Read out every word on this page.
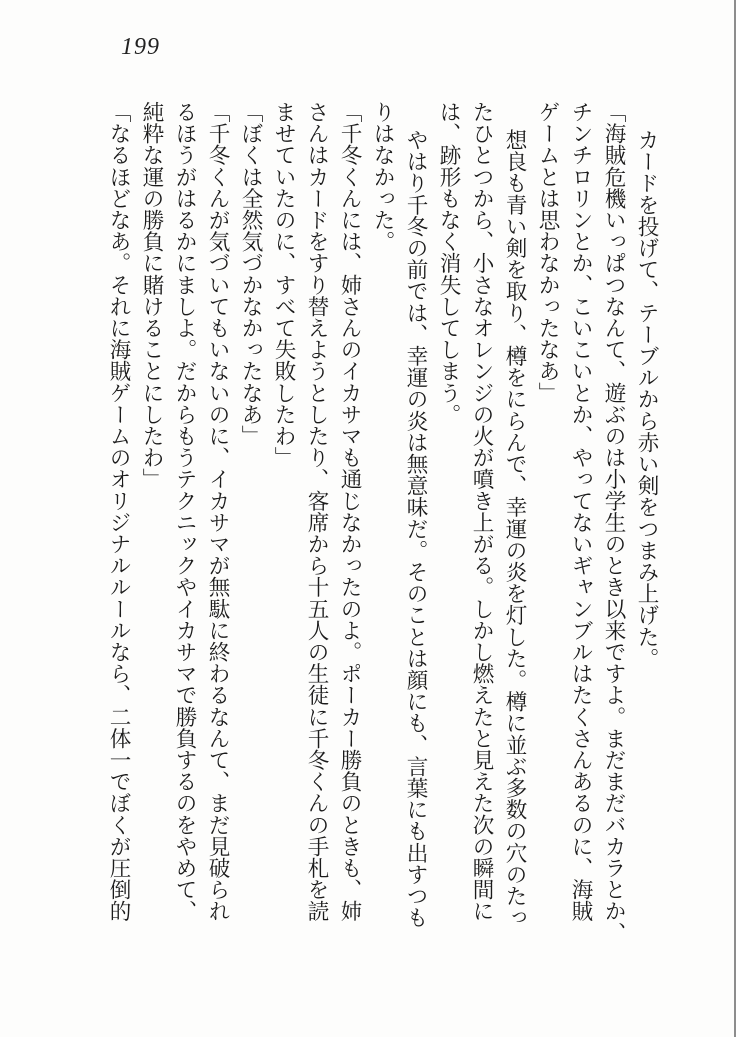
199
カードを投げて、テーブルから赤い剣をつまみ上げた。
「海賊危機いっぱつなんて、遊ぶのは小学生のとき以来ですよ。まだまだバカラとか、
チンチロリンとか、こいこいとか、やってないギャンブルはたくさんあるのに、海賊
ゲームとは思わなかったなあ」
想良も青い剣を取り、樽をにらんで、幸運の炎を灯した。樽に並ぶ多数の穴のたっ
たひとつから、小さなオレンジの火が噴き上がる。しかし燃えたと見えた次の瞬間に
は、跡形もなく消失してしまう。
やはり千冬の前では、幸運の炎は無意味だ。そのことは顔にも、言葉にも出すつも
りはなかった。
「千冬くんには、姉さんのイカサマも通じなかったのよ。ポーカー勝負のときも、姉
さんはカードをすり替えようとしたり、客席から十五人の生徒に千冬くんの手札を読
ませていたのに、すべて失敗したわ」
「ぼくは全然気づかなかったなあ」
「千冬くんが気づいてもいないのに、イカサマが無駄に終わるなんて、まだ見破られ
るほうがはるかにましよ。だからもうテクニックやイカサマで勝負するのをやめて、
純粋な運の勝負に賭けることにしたわ」
「なるほどなあ。それに海賊ゲームのオリジナルルールなら、二体一でぼくが圧倒的
